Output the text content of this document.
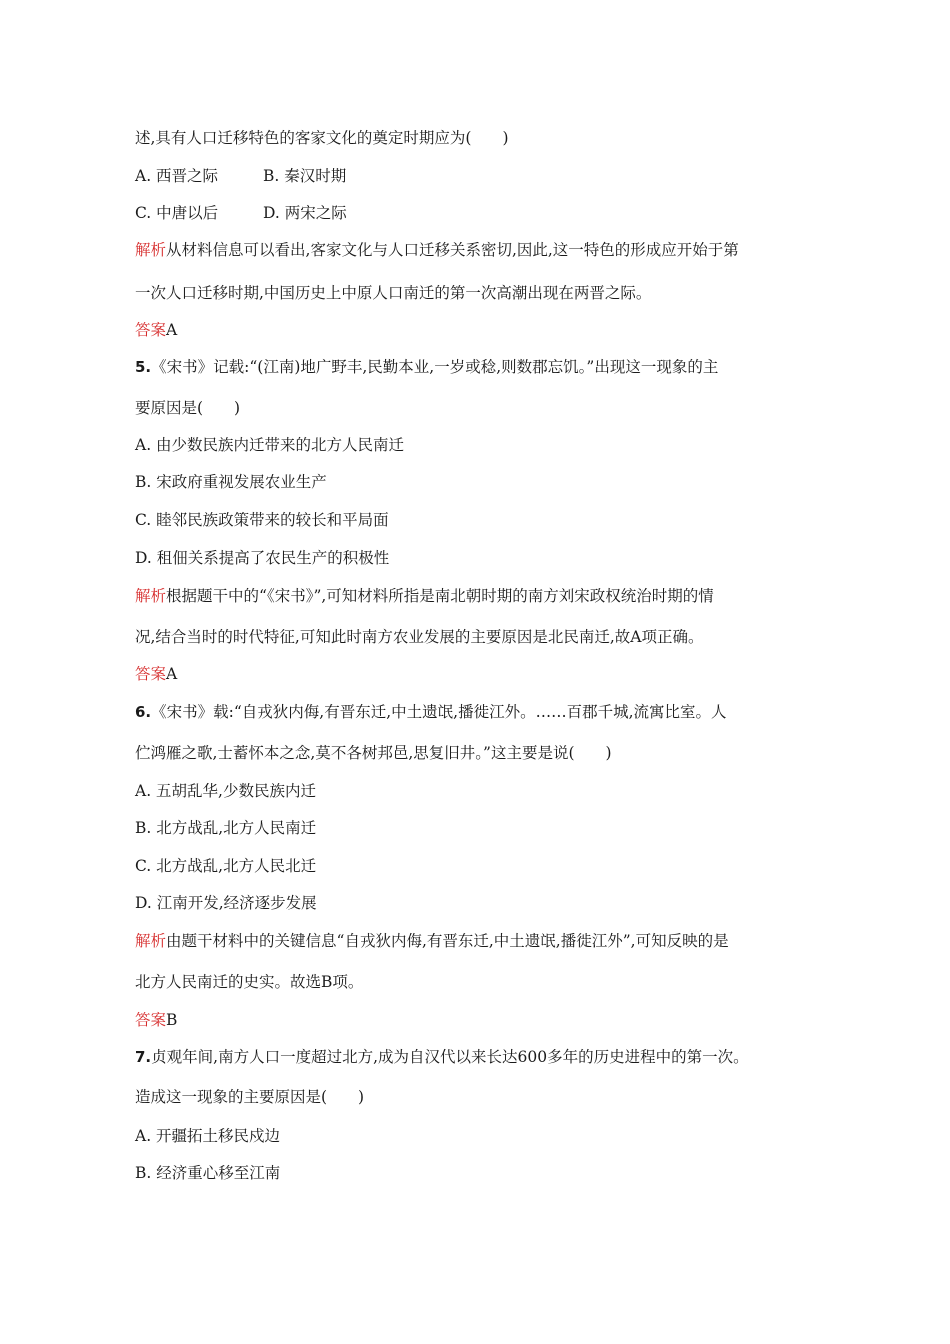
述,具有人口迁移特色的客家文化的奠定时期应为(　　)
A. 西晋之际	B. 秦汉时期
C. 中唐以后	D. 两宋之际
解析从材料信息可以看出,客家文化与人口迁移关系密切,因此,这一特色的形成应开始于第
一次人口迁移时期,中国历史上中原人口南迁的第一次高潮出现在两晋之际。
答案A
5.《宋书》记载:“(江南)地广野丰,民勤本业,一岁或稔,则数郡忘饥。”出现这一现象的主
要原因是(　　)
A. 由少数民族内迁带来的北方人民南迁
B. 宋政府重视发展农业生产
C. 睦邻民族政策带来的较长和平局面
D. 租佃关系提高了农民生产的积极性
解析根据题干中的“《宋书》”,可知材料所指是南北朝时期的南方刘宋政权统治时期的情
况,结合当时的时代特征,可知此时南方农业发展的主要原因是北民南迁,故A项正确。
答案A
6.《宋书》载:“自戎狄内侮,有晋东迁,中土遗氓,播徙江外。……百郡千城,流寓比室。人
伫鸿雁之歌,士蓄怀本之念,莫不各树邦邑,思复旧井。”这主要是说(　　)
A. 五胡乱华,少数民族内迁
B. 北方战乱,北方人民南迁
C. 北方战乱,北方人民北迁
D. 江南开发,经济逐步发展
解析由题干材料中的关键信息“自戎狄内侮,有晋东迁,中土遗氓,播徙江外”,可知反映的是
北方人民南迁的史实。故选B项。
答案B
7.贞观年间,南方人口一度超过北方,成为自汉代以来长达600多年的历史进程中的第一次。
造成这一现象的主要原因是(　　)
A. 开疆拓土移民戍边
B. 经济重心移至江南
